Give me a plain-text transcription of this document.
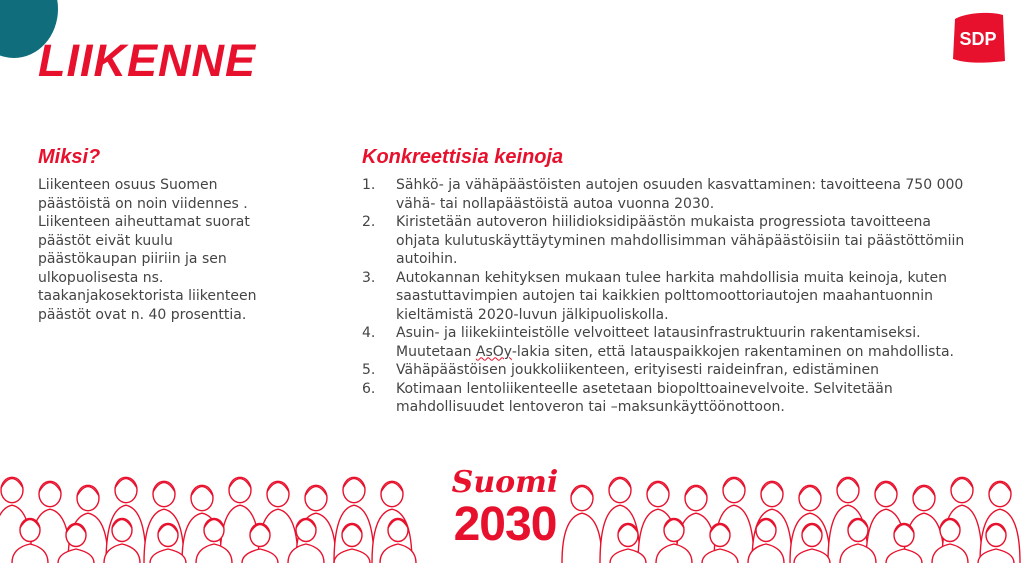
LIIKENNE	SDP
Miksi?

Liikenteen osuus Suomen
päästöistä on noin viidennes .
Liikenteen aiheuttamat suorat
päästöt eivät kuulu
päästökaupan piiriin ja sen
ulkopuolisesta ns.
taakanjakosektorista liikenteen
päästöt ovat n. 40 prosenttia.

Konkreettisia keinoja
1.	Sähkö- ja vähäpäästöisten autojen osuuden kasvattaminen: tavoitteena 750 000 vähä- tai nollapäästöistä autoa vuonna 2030.
2.	Kiristetään autoveron hiilidioksidipäästön mukaista progressiota tavoitteena ohjata kulutuskäyttäytyminen mahdollisimman vähäpäästöisiin tai päästöttömiin autoihin.
3.	Autokannan kehityksen mukaan tulee harkita mahdollisia muita keinoja, kuten saastuttavimpien autojen tai kaikkien polttomoottoriautojen maahantuonnin kieltämistä 2020-luvun jälkipuoliskolla.
4.	Asuin- ja liikekiinteistölle velvoitteet latausinfrastruktuurin rakentamiseksi. Muutetaan AsOy-lakia siten, että latauspaikkojen rakentaminen on mahdollista.
5.	Vähäpäästöisen joukkoliikenteen, erityisesti raideinfran, edistäminen
6.	Kotimaan lentoliikenteelle asetetaan biopolttoainevelvoite. Selvitetään mahdollisuudet lentoveron tai –maksunkäyttöönottoon.
Suomi
2030
